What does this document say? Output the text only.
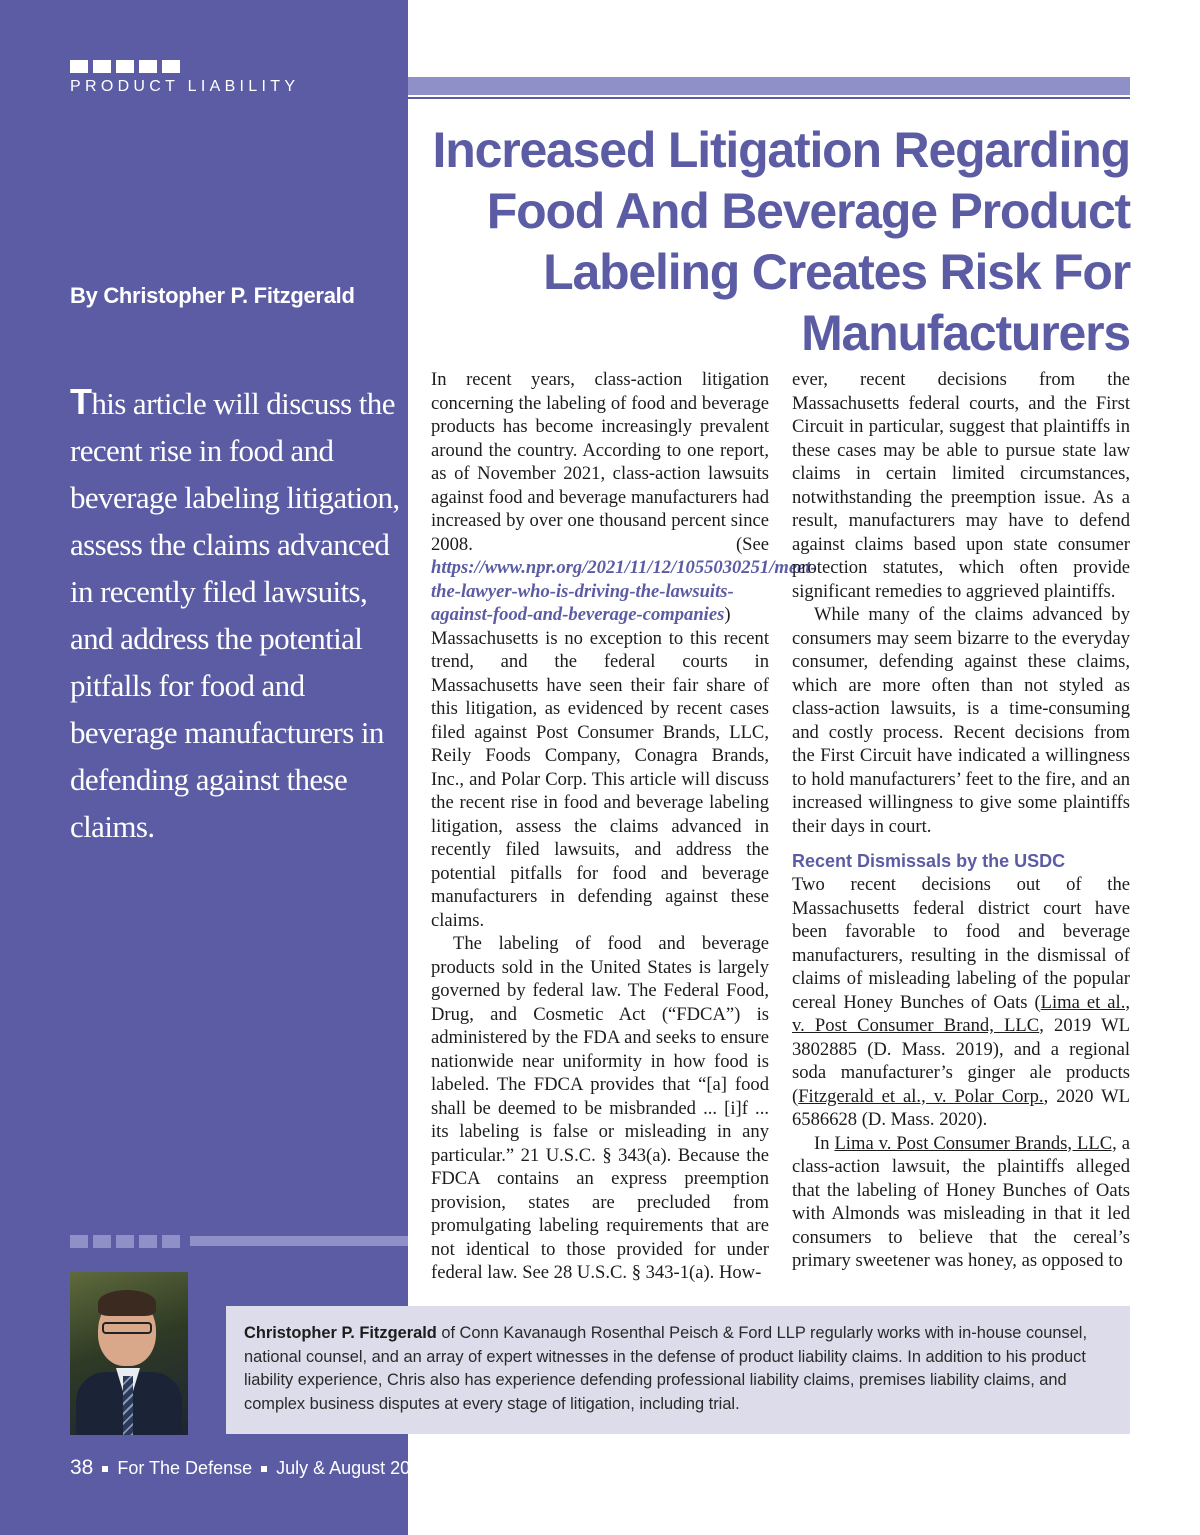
PRODUCT LIABILITY
Increased Litigation Regarding Food And Beverage Product Labeling Creates Risk For Manufacturers
By Christopher P. Fitzgerald
This article will discuss the recent rise in food and beverage labeling litigation, assess the claims advanced in recently filed lawsuits, and address the potential pitfalls for food and beverage manufacturers in defending against these claims.

In recent years, class-action litigation concerning the labeling of food and beverage products has become increasingly prevalent around the country. According to one report, as of November 2021, class-action lawsuits against food and beverage manufacturers had increased by over one thousand percent since 2008. (See https://www.npr.org/2021/11/12/1055030251/meet-the-lawyer-who-is-driving-the-lawsuits-against-food-and-beverage-companies) Massachusetts is no exception to this recent trend, and the federal courts in Massachusetts have seen their fair share of this litigation, as evidenced by recent cases filed against Post Consumer Brands, LLC, Reily Foods Company, Conagra Brands, Inc., and Polar Corp. This article will discuss the recent rise in food and beverage labeling litigation, assess the claims advanced in recently filed lawsuits, and address the potential pitfalls for food and beverage manufacturers in defending against these claims.

The labeling of food and beverage products sold in the United States is largely governed by federal law. The Federal Food, Drug, and Cosmetic Act (“FDCA”) is administered by the FDA and seeks to ensure nationwide near uniformity in how food is labeled. The FDCA provides that “[a] food shall be deemed to be misbranded ... [i]f ... its labeling is false or misleading in any particular.” 21 U.S.C. § 343(a). Because the FDCA contains an express preemption provision, states are precluded from promulgating labeling requirements that are not identical to those provided for under federal law. See 28 U.S.C. § 343-1(a). How-

ever, recent decisions from the Massachusetts federal courts, and the First Circuit in particular, suggest that plaintiffs in these cases may be able to pursue state law claims in certain limited circumstances, notwithstanding the preemption issue. As a result, manufacturers may have to defend against claims based upon state consumer protection statutes, which often provide significant remedies to aggrieved plaintiffs.

While many of the claims advanced by consumers may seem bizarre to the everyday consumer, defending against these claims, which are more often than not styled as class-action lawsuits, is a time-consuming and costly process. Recent decisions from the First Circuit have indicated a willingness to hold manufacturers’ feet to the fire, and an increased willingness to give some plaintiffs their days in court.

Recent Dismissals by the USDC

Two recent decisions out of the Massachusetts federal district court have been favorable to food and beverage manufacturers, resulting in the dismissal of claims of misleading labeling of the popular cereal Honey Bunches of Oats (Lima et al., v. Post Consumer Brand, LLC, 2019 WL 3802885 (D. Mass. 2019), and a regional soda manufacturer’s ginger ale products (Fitzgerald et al., v. Polar Corp., 2020 WL 6586628 (D. Mass. 2020).

In Lima v. Post Consumer Brands, LLC, a class-action lawsuit, the plaintiffs alleged that the labeling of Honey Bunches of Oats with Almonds was misleading in that it led consumers to believe that the cereal’s primary sweetener was honey, as opposed to

Christopher P. Fitzgerald of Conn Kavanaugh Rosenthal Peisch & Ford LLP regularly works with in-house counsel, national counsel, and an array of expert witnesses in the defense of product liability claims. In addition to his product liability experience, Chris also has experience defending professional liability claims, premises liability claims, and complex business disputes at every stage of litigation, including trial.
38 For The Defense July & August 2022
